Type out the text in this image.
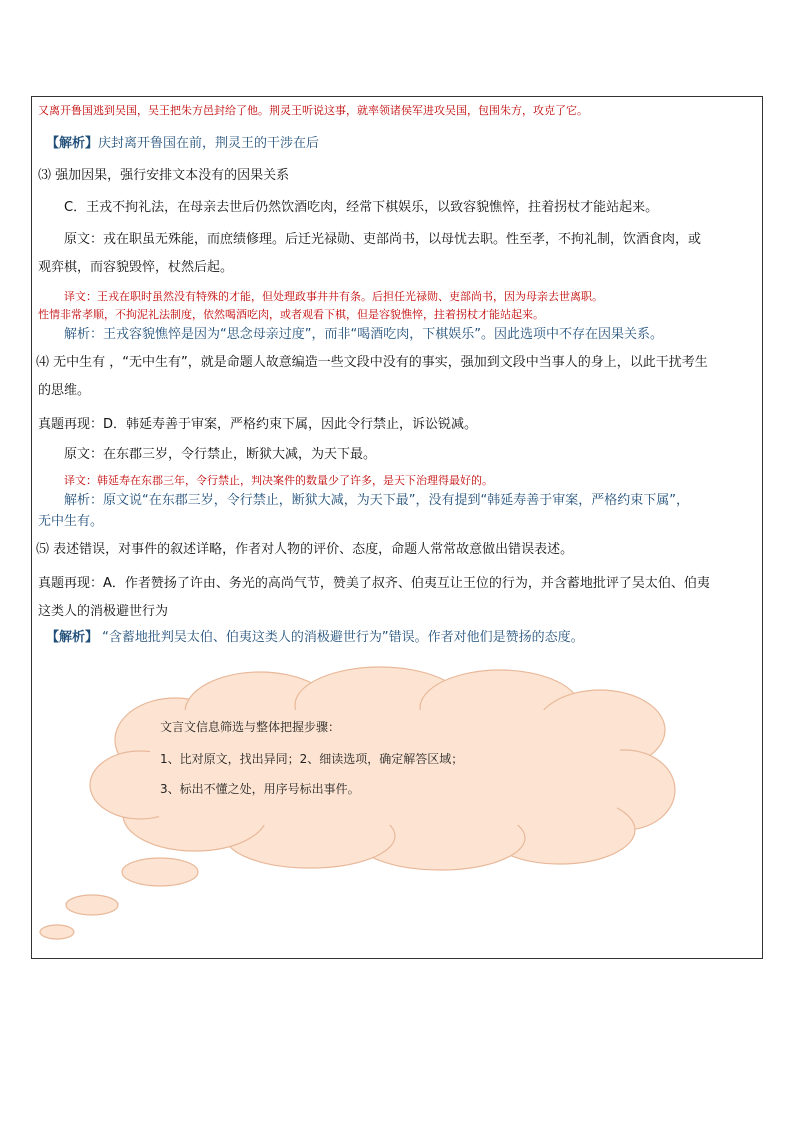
又离开鲁国逃到吴国，吴王把朱方邑封给了他。荆灵王听说这事，就率领诸侯军进攻吴国，包围朱方，攻克了它。
【解析】庆封离开鲁国在前，荆灵王的干涉在后
⑶ 强加因果，强行安排文本没有的因果关系
C．王戎不拘礼法，在母亲去世后仍然饮酒吃肉，经常下棋娱乐，以致容貌憔悴，拄着拐杖才能站起来。
原文：戎在职虽无殊能，而庶绩修理。后迁光禄勋、吏部尚书，以母忧去职。性至孝，不拘礼制，饮酒食肉，或
观弈棋，而容貌毁悴，杖然后起。
译文：王戎在职时虽然没有特殊的才能，但处理政事井井有条。后担任光禄勋、吏部尚书，因为母亲去世离职。
性情非常孝顺，不拘泥礼法制度，依然喝酒吃肉，或者观看下棋，但是容貌憔悴，拄着拐杖才能站起来。
解析：王戎容貌憔悴是因为“思念母亲过度”，而非“喝酒吃肉，下棋娱乐”。因此选项中不存在因果关系。
⑷ 无中生有 ，“无中生有”，就是命题人故意编造一些文段中没有的事实，强加到文段中当事人的身上，以此干扰考生
的思维。
真题再现：D．韩延寿善于审案，严格约束下属，因此令行禁止，诉讼锐减。
原文：在东郡三岁，令行禁止，断狱大减，为天下最。
译文：韩延寿在东郡三年，令行禁止，判决案件的数量少了许多，是天下治理得最好的。
解析：原文说“在东郡三岁，令行禁止，断狱大减，为天下最”，没有提到“韩延寿善于审案，严格约束下属”，
无中生有。
⑸ 表述错误，对事件的叙述详略，作者对人物的评价、态度，命题人常常故意做出错误表述。
真题再现：A．作者赞扬了许由、务光的高尚气节，赞美了叔齐、伯夷互让王位的行为，并含蓄地批评了吴太伯、伯夷
这类人的消极避世行为
【解析】 “含蓄地批判吴太伯、伯夷这类人的消极避世行为”错误。作者对他们是赞扬的态度。
文言文信息筛选与整体把握步骤：
1、比对原文，找出异同；2、细读选项，确定解答区域；
3、标出不懂之处，用序号标出事件。
